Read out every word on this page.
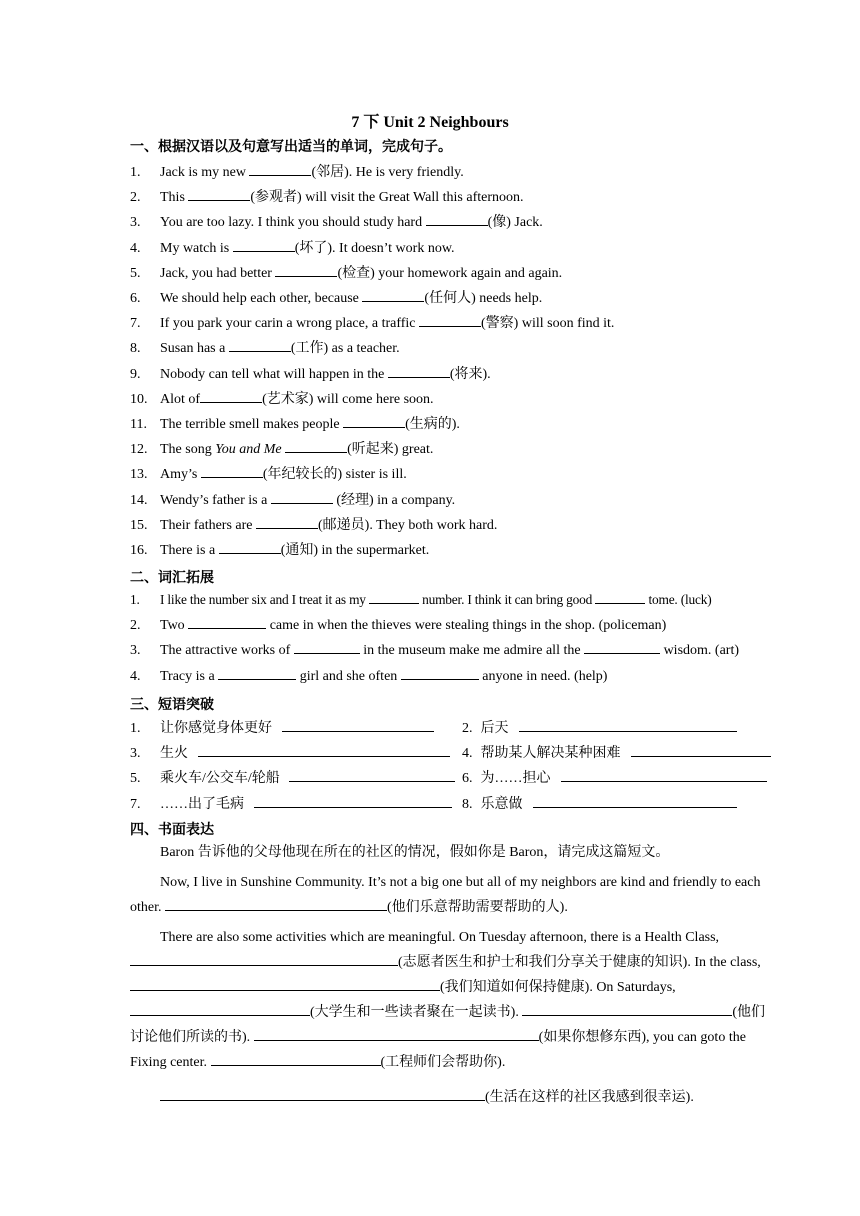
7 下 Unit 2 Neighbours
一、根据汉语以及句意写出适当的单词，完成句子。
1. Jack is my new	(邻居). He is very friendly.
2. This	(参观者) will visit the Great Wall this afternoon.
3. You are too lazy. I think you should study hard	(像) Jack.
4. My watch is	(坏了). It doesn’t work now.
5. Jack, you had better	(检查) your homework again and again.
6. We should help each other, because	(任何人) needs help.
7. If you park your carin a wrong place, a traffic	(警察) will soon find it.
8. Susan has a	(工作) as a teacher.
9. Nobody can tell what will happen in the	(将来).
10. Alot of	(艺术家) will come here soon.
11. The terrible smell makes people	(生病的).
12. The song You and Me	(听起来) great.
13. Amy’s	(年纪较长的) sister is ill.
14. Wendy’s father is a	(经理) in a company.
15. Their fathers are	(邮递员). They both work hard.
16. There is a	(通知) in the supermarket.
二、词汇拓展
1. I like the number six and I treat it as my	number. I think it can bring good	tome. (luck)
2. Two	came in when the thieves were stealing things in the shop. (policeman)
3. The attractive works of	in the museum make me admire all the	wisdom. (art)
4. Tracy is a	girl and she often	anyone in need. (help)
三、短语突破
1. 让你感觉身体更好	2. 后天
3. 生火	4. 帮助某人解决某种困难
5. 乘火车/公交车/轮船	6. 为……担心
7. ……出了毛病	8. 乐意做
四、书面表达
Baron 告诉他的父母他现在所在的社区的情况，假如你是 Baron，请完成这篇短文。
Now, I live in Sunshine Community. It’s not a big one but all of my neighbors are kind and friendly to each other.	(他们乐意帮助需要帮助的人).
There are also some activities which are meaningful. On Tuesday afternoon, there is a Health Class, (志愿者医生和护士和我们分享关于健康的知识). In the class, (我们知道如何保持健康). On Saturdays, (大学生和一些读者聚在一起读书).	(他们讨论他们所读的书).	(如果你想修东西), you can goto the Fixing center.	(工程师们会帮助你).
(生活在这样的社区我感到很幸运).
